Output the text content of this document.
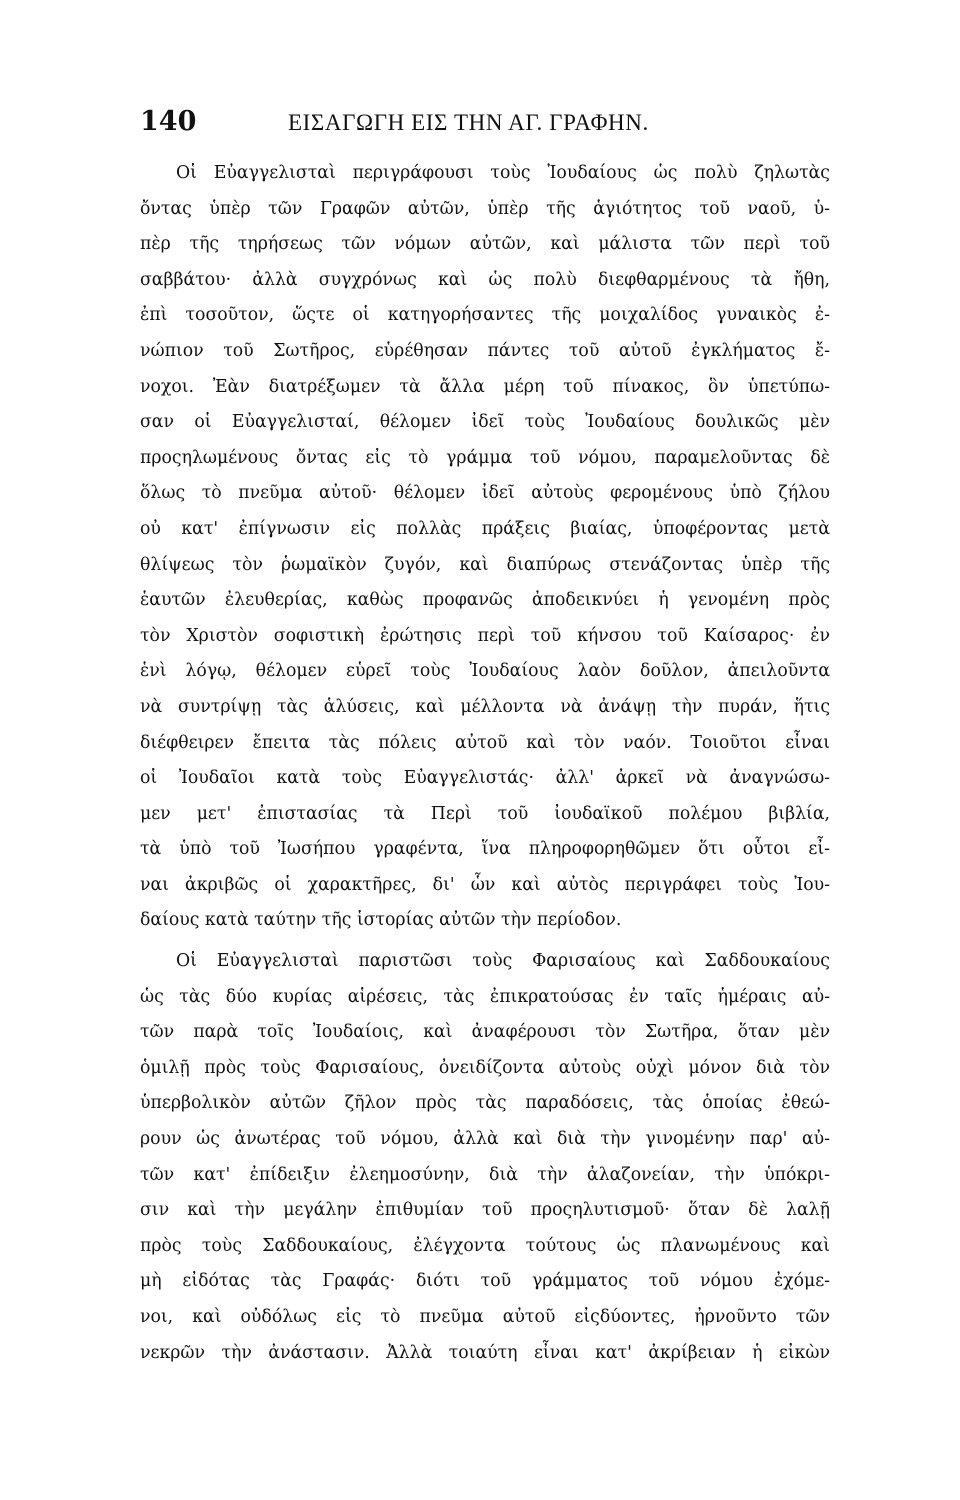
140	ΕΙΣΑΓΩΓΗ ΕΙΣ ΤΗΝ ΑΓ. ΓΡΑΦΗΝ.
Οἱ Εὐαγγελισταὶ περιγράφουσι τοὺς Ἰουδαίους ὡς πολὺ ζηλωτὰς
ὄντας ὑπὲρ τῶν Γραφῶν αὐτῶν, ὑπὲρ τῆς ἁγιότητος τοῦ ναοῦ, ὑ-
πὲρ τῆς τηρήσεως τῶν νόμων αὐτῶν, καὶ μάλιστα τῶν περὶ τοῦ
σαββάτου· ἀλλὰ συγχρόνως καὶ ὡς πολὺ διεφθαρμένους τὰ ἤθη,
ἐπὶ τοσοῦτον, ὥςτε οἱ κατηγορήσαντες τῆς μοιχαλίδος γυναικὸς ἐ-
νώπιον τοῦ Σωτῆρος, εὑρέθησαν πάντες τοῦ αὐτοῦ ἐγκλήματος ἔ-
νοχοι. Ἐὰν διατρέξωμεν τὰ ἄλλα μέρη τοῦ πίνακος, ὃν ὑπετύπω-
σαν οἱ Εὐαγγελισταί, θέλομεν ἰδεῖ τοὺς Ἰουδαίους δουλικῶς μὲν
προςηλωμένους ὄντας εἰς τὸ γράμμα τοῦ νόμου, παραμελοῦντας δὲ
ὅλως τὸ πνεῦμα αὐτοῦ· θέλομεν ἰδεῖ αὐτοὺς φερομένους ὑπὸ ζήλου
οὐ κατ' ἐπίγνωσιν εἰς πολλὰς πράξεις βιαίας, ὑποφέροντας μετὰ
θλίψεως τὸν ῥωμαϊκὸν ζυγόν, καὶ διαπύρως στενάζοντας ὑπὲρ τῆς
ἑαυτῶν ἐλευθερίας, καθὼς προφανῶς ἀποδεικνύει ἡ γενομένη πρὸς
τὸν Χριστὸν σοφιστικὴ ἐρώτησις περὶ τοῦ κήνσου τοῦ Καίσαρος· ἐν
ἑνὶ λόγῳ, θέλομεν εὑρεῖ τοὺς Ἰουδαίους λαὸν δοῦλον, ἀπειλοῦντα
νὰ συντρίψῃ τὰς ἁλύσεις, καὶ μέλλοντα νὰ ἀνάψῃ τὴν πυράν, ἥτις
διέφθειρεν ἔπειτα τὰς πόλεις αὐτοῦ καὶ τὸν ναόν. Τοιοῦτοι εἶναι
οἱ Ἰουδαῖοι κατὰ τοὺς Εὐαγγελιστάς· ἀλλ' ἀρκεῖ νὰ ἀναγνώσω-
μεν μετ' ἐπιστασίας τὰ Περὶ τοῦ ἰουδαϊκοῦ πολέμου βιβλία,
τὰ ὑπὸ τοῦ Ἰωσήπου γραφέντα, ἵνα πληροφορηθῶμεν ὅτι οὗτοι εἶ-
ναι ἀκριβῶς οἱ χαρακτῆρες, δι' ὧν καὶ αὐτὸς περιγράφει τοὺς Ἰου-
δαίους κατὰ ταύτην τῆς ἱστορίας αὐτῶν τὴν περίοδον.
Οἱ Εὐαγγελισταὶ παριστῶσι τοὺς Φαρισαίους καὶ Σαδδουκαίους
ὡς τὰς δύο κυρίας αἱρέσεις, τὰς ἐπικρατούσας ἐν ταῖς ἡμέραις αὐ-
τῶν παρὰ τοῖς Ἰουδαίοις, καὶ ἀναφέρουσι τὸν Σωτῆρα, ὅταν μὲν
ὁμιλῇ πρὸς τοὺς Φαρισαίους, ὀνειδίζοντα αὐτοὺς οὐχὶ μόνον διὰ τὸν
ὑπερβολικὸν αὐτῶν ζῆλον πρὸς τὰς παραδόσεις, τὰς ὁποίας ἐθεώ-
ρουν ὡς ἀνωτέρας τοῦ νόμου, ἀλλὰ καὶ διὰ τὴν γινομένην παρ' αὐ-
τῶν κατ' ἐπίδειξιν ἐλεημοσύνην, διὰ τὴν ἀλαζονείαν, τὴν ὑπόκρι-
σιν καὶ τὴν μεγάλην ἐπιθυμίαν τοῦ προςηλυτισμοῦ· ὅταν δὲ λαλῇ
πρὸς τοὺς Σαδδουκαίους, ἐλέγχοντα τούτους ὡς πλανωμένους καὶ
μὴ εἰδότας τὰς Γραφάς· διότι τοῦ γράμματος τοῦ νόμου ἐχόμε-
νοι, καὶ οὐδόλως εἰς τὸ πνεῦμα αὐτοῦ εἰςδύοντες, ἠρνοῦντο τῶν
νεκρῶν τὴν ἀνάστασιν. Ἀλλὰ τοιαύτη εἶναι κατ' ἀκρίβειαν ἡ εἰκὼν
